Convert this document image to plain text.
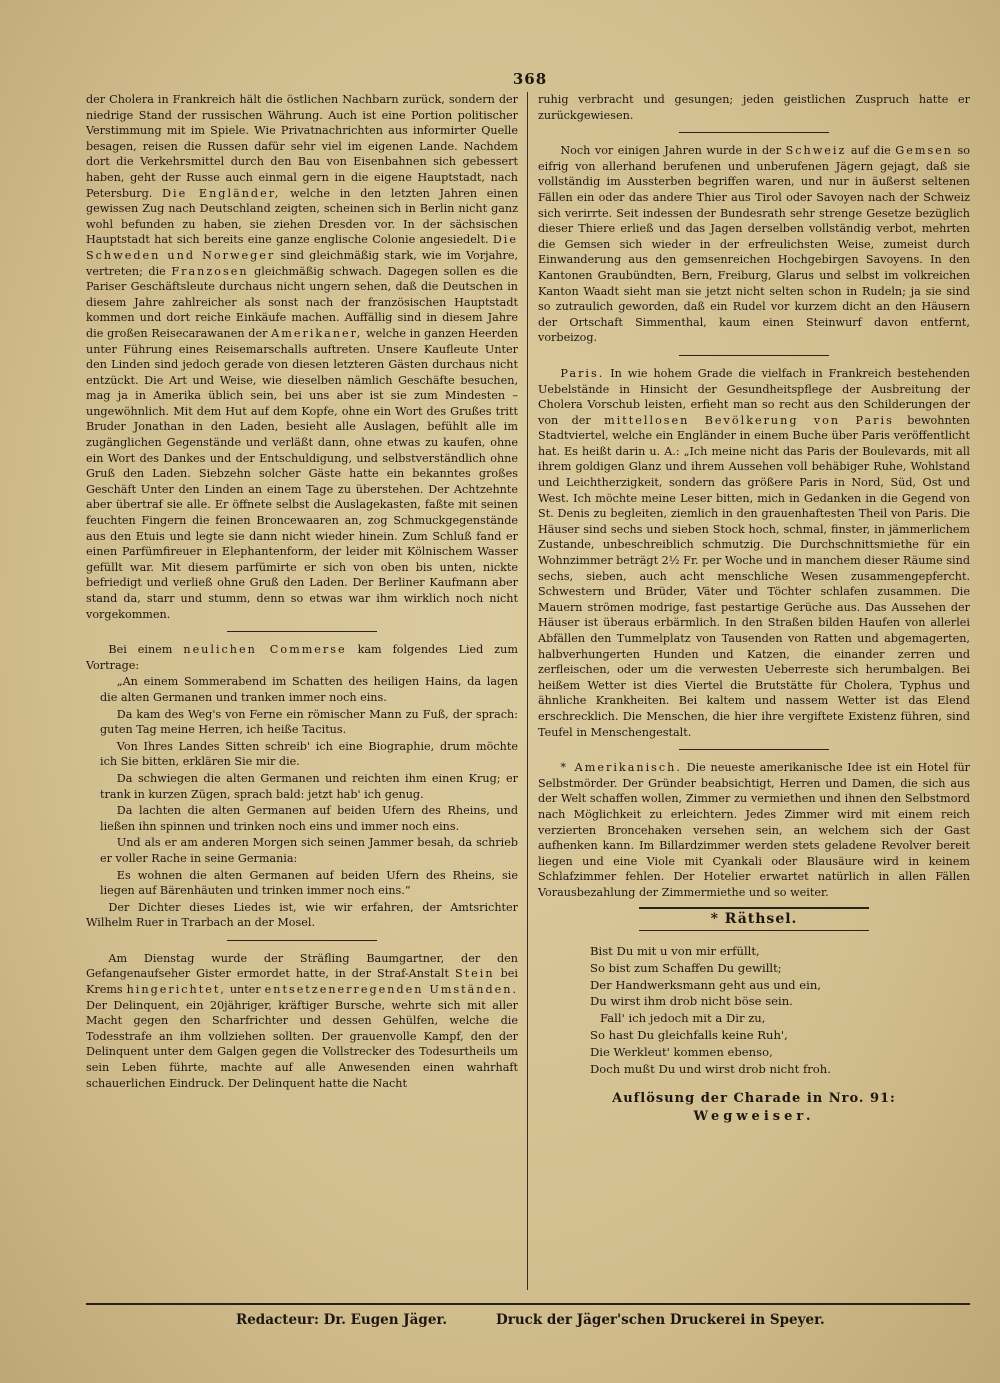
368

der Cholera in Frankreich hält die östlichen Nachbarn zurück, sondern der niedrige Stand der russischen Währung. Auch ist eine Portion politischer Verstimmung mit im Spiele. Wie Privatnachrichten aus informirter Quelle besagen, reisen die Russen dafür sehr viel im eigenen Lande. Nachdem dort die Verkehrsmittel durch den Bau von Eisenbahnen sich gebessert haben, geht der Russe auch einmal gern in die eigene Hauptstadt, nach Petersburg. Die Engländer, welche in den letzten Jahren einen gewissen Zug nach Deutschland zeigten, scheinen sich in Berlin nicht ganz wohl befunden zu haben, sie ziehen Dresden vor. In der sächsischen Hauptstadt hat sich bereits eine ganze englische Colonie angesiedelt. Die Schweden und Norweger sind gleichmäßig stark, wie im Vorjahre, vertreten; die Franzosen gleichmäßig schwach. Dagegen sollen es die Pariser Geschäftsleute durchaus nicht ungern sehen, daß die Deutschen in diesem Jahre zahlreicher als sonst nach der französischen Hauptstadt kommen und dort reiche Einkäufe machen. Auffällig sind in diesem Jahre die großen Reisecarawanen der Amerikaner, welche in ganzen Heerden unter Führung eines Reisemarschalls auftreten. Unsere Kaufleute Unter den Linden sind jedoch gerade von diesen letzteren Gästen durchaus nicht entzückt. Die Art und Weise, wie dieselben nämlich Geschäfte besuchen, mag ja in Amerika üblich sein, bei uns aber ist sie zum Mindesten – ungewöhnlich. Mit dem Hut auf dem Kopfe, ohne ein Wort des Grußes tritt Bruder Jonathan in den Laden, besieht alle Auslagen, befühlt alle im zugänglichen Gegenstände und verläßt dann, ohne etwas zu kaufen, ohne ein Wort des Dankes und der Entschuldigung, und selbstverständlich ohne Gruß den Laden. Siebzehn solcher Gäste hatte ein bekanntes großes Geschäft Unter den Linden an einem Tage zu überstehen. Der Achtzehnte aber übertraf sie alle. Er öffnete selbst die Auslagekasten, faßte mit seinen feuchten Fingern die feinen Broncewaaren an, zog Schmuckgegenstände aus den Etuis und legte sie dann nicht wieder hinein. Zum Schluß fand er einen Parfümfireuer in Elephantenform, der leider mit Kölnischem Wasser gefüllt war. Mit diesem parfümirte er sich von oben bis unten, nickte befriedigt und verließ ohne Gruß den Laden. Der Berliner Kaufmann aber stand da, starr und stumm, denn so etwas war ihm wirklich noch nicht vorgekommen.

Bei einem neulichen Commerse kam folgendes Lied zum Vortrage:

„An einem Sommerabend im Schatten des heiligen Hains, da lagen die alten Germanen und tranken immer noch eins.

Da kam des Weg's von Ferne ein römischer Mann zu Fuß, der sprach: guten Tag meine Herren, ich heiße Tacitus.

Von Ihres Landes Sitten schreib' ich eine Biographie, drum möchte ich Sie bitten, erklären Sie mir die.

Da schwiegen die alten Germanen und reichten ihm einen Krug; er trank in kurzen Zügen, sprach bald: jetzt hab' ich genug.

Da lachten die alten Germanen auf beiden Ufern des Rheins, und ließen ihn spinnen und trinken noch eins und immer noch eins.

Und als er am anderen Morgen sich seinen Jammer besah, da schrieb er voller Rache in seine Germania:

Es wohnen die alten Germanen auf beiden Ufern des Rheins, sie liegen auf Bärenhäuten und trinken immer noch eins.“

Der Dichter dieses Liedes ist, wie wir erfahren, der Amtsrichter Wilhelm Ruer in Trarbach an der Mosel.

Am Dienstag wurde der Sträfling Baumgartner, der den Gefangenaufseher Gister ermordet hatte, in der Straf-Anstalt Stein bei Krems hingerichtet, unter entsetzenerregenden Umständen. Der Delinquent, ein 20jähriger, kräftiger Bursche, wehrte sich mit aller Macht gegen den Scharfrichter und dessen Gehülfen, welche die Todesstrafe an ihm vollziehen sollten. Der grauenvolle Kampf, den der Delinquent unter dem Galgen gegen die Vollstrecker des Todesurtheils um sein Leben führte, machte auf alle Anwesenden einen wahrhaft schauerlichen Eindruck. Der Delinquent hatte die Nacht

ruhig verbracht und gesungen; jeden geistlichen Zuspruch hatte er zurückgewiesen.

Noch vor einigen Jahren wurde in der Schweiz auf die Gemsen so eifrig von allerhand berufenen und unberufenen Jägern gejagt, daß sie vollständig im Aussterben begriffen waren, und nur in äußerst seltenen Fällen ein oder das andere Thier aus Tirol oder Savoyen nach der Schweiz sich verirrte. Seit indessen der Bundesrath sehr strenge Gesetze bezüglich dieser Thiere erließ und das Jagen derselben vollständig verbot, mehrten die Gemsen sich wieder in der erfreulichsten Weise, zumeist durch Einwanderung aus den gemsenreichen Hochgebirgen Savoyens. In den Kantonen Graubündten, Bern, Freiburg, Glarus und selbst im volkreichen Kanton Waadt sieht man sie jetzt nicht selten schon in Rudeln; ja sie sind so zutraulich geworden, daß ein Rudel vor kurzem dicht an den Häusern der Ortschaft Simmenthal, kaum einen Steinwurf davon entfernt, vorbeizog.

Paris. In wie hohem Grade die vielfach in Frankreich bestehenden Uebelstände in Hinsicht der Gesundheitspflege der Ausbreitung der Cholera Vorschub leisten, erfieht man so recht aus den Schilderungen der von der mittellosen Bevölkerung von Paris bewohnten Stadtviertel, welche ein Engländer in einem Buche über Paris veröffentlicht hat. Es heißt darin u. A.: „Ich meine nicht das Paris der Boulevards, mit all ihrem goldigen Glanz und ihrem Aussehen voll behäbiger Ruhe, Wohlstand und Leichtherzigkeit, sondern das größere Paris in Nord, Süd, Ost und West. Ich möchte meine Leser bitten, mich in Gedanken in die Gegend von St. Denis zu begleiten, ziemlich in den grauenhaftesten Theil von Paris. Die Häuser sind sechs und sieben Stock hoch, schmal, finster, in jämmerlichem Zustande, unbeschreiblich schmutzig. Die Durchschnittsmiethe für ein Wohnzimmer beträgt 2½ Fr. per Woche und in manchem dieser Räume sind sechs, sieben, auch acht menschliche Wesen zusammengepfercht. Schwestern und Brüder, Väter und Töchter schlafen zusammen. Die Mauern strömen modrige, fast pestartige Gerüche aus. Das Aussehen der Häuser ist überaus erbärmlich. In den Straßen bilden Haufen von allerlei Abfällen den Tummelplatz von Tausenden von Ratten und abgemagerten, halbverhungerten Hunden und Katzen, die einander zerren und zerfleischen, oder um die verwesten Ueberreste sich herumbalgen. Bei heißem Wetter ist dies Viertel die Brutstätte für Cholera, Typhus und ähnliche Krankheiten. Bei kaltem und nassem Wetter ist das Elend erschrecklich. Die Menschen, die hier ihre vergiftete Existenz führen, sind Teufel in Menschengestalt.

* Amerikanisch. Die neueste amerikanische Idee ist ein Hotel für Selbstmörder. Der Gründer beabsichtigt, Herren und Damen, die sich aus der Welt schaffen wollen, Zimmer zu vermiethen und ihnen den Selbstmord nach Möglichkeit zu erleichtern. Jedes Zimmer wird mit einem reich verzierten Broncehaken versehen sein, an welchem sich der Gast aufhenken kann. Im Billardzimmer werden stets geladene Revolver bereit liegen und eine Viole mit Cyankali oder Blausäure wird in keinem Schlafzimmer fehlen. Der Hotelier erwartet natürlich in allen Fällen Vorausbezahlung der Zimmermiethe und so weiter.

* Räthsel.

Bist Du mit u von mir erfüllt,

So bist zum Schaffen Du gewillt;

Der Handwerksmann geht aus und ein,

Du wirst ihm drob nicht böse sein.

Fall' ich jedoch mit a Dir zu,

So hast Du gleichfalls keine Ruh',

Die Werkleut' kommen ebenso,

Doch mußt Du und wirst drob nicht froh.

Auflösung der Charade in Nro. 91:
Wegweiser.
Redacteur: Dr. Eugen Jäger.	Druck der Jäger'schen Druckerei in Speyer.
